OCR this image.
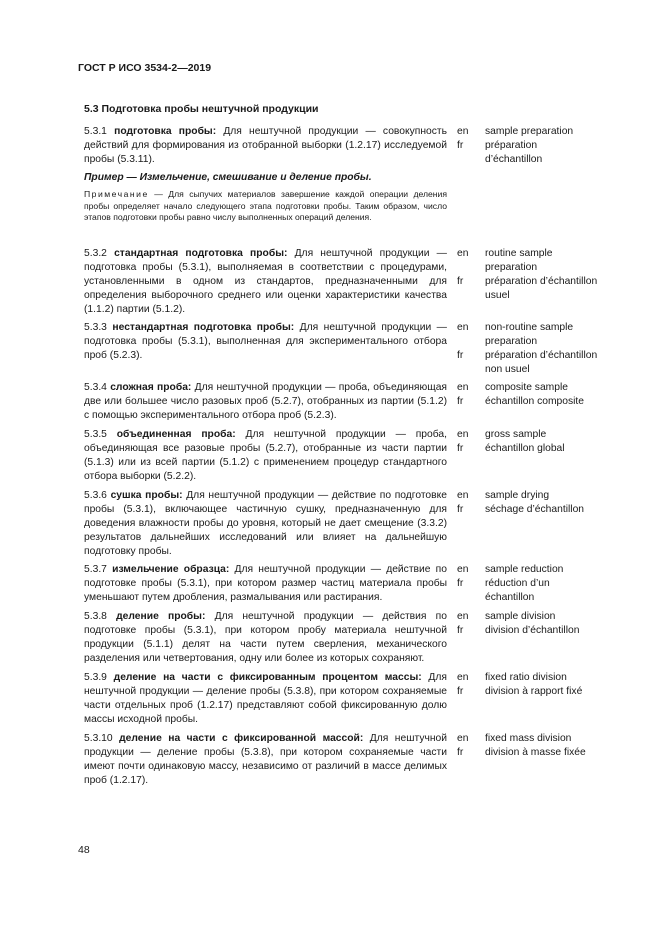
ГОСТ Р ИСО 3534-2—2019
5.3 Подготовка пробы нештучной продукции
5.3.1 подготовка пробы: Для нештучной продукции — совокупность действий для формирования из отобранной выборки (1.2.17) исследуемой пробы (5.3.11).
en
fr
sample preparation
préparation d’échantillon
Пример — Измельчение, смешивание и деление пробы.
Примечание — Для сыпучих материалов завершение каждой операции деления пробы определяет начало следующего этапа подготовки пробы. Таким образом, число этапов подготовки пробы равно числу выполненных операций деления.
5.3.2 стандартная подготовка пробы: Для нештучной продукции — подготовка пробы (5.3.1), выполняемая в соответствии с процедурами, установленными в одном из стандартов, предназначенными для определения выборочного среднего или оценки характеристики качества (1.1.2) партии (5.1.2).
en
fr
routine sample preparation
préparation d’échantillon usuel
5.3.3 нестандартная подготовка пробы: Для нештучной продукции — подготовка пробы (5.3.1), выполненная для экспериментального отбора проб (5.2.3).
en
fr
non-routine sample preparation
préparation d’échantillon non usuel
5.3.4 сложная проба: Для нештучной продукции — проба, объединяющая две или большее число разовых проб (5.2.7), отобранных из партии (5.1.2) с помощью экспериментального отбора проб (5.2.3).
en
fr
composite sample
échantillon composite
5.3.5 объединенная проба: Для нештучной продукции — проба, объединяющая все разовые пробы (5.2.7), отобранные из части партии (5.1.3) или из всей партии (5.1.2) с применением процедур стандартного отбора выборки (5.2.2).
en
fr
gross sample
échantillon global
5.3.6 сушка пробы: Для нештучной продукции — действие по подготовке пробы (5.3.1), включающее частичную сушку, предназначенную для доведения влажности пробы до уровня, который не дает смещение (3.3.2) результатов дальнейших исследований или влияет на дальнейшую подготовку пробы.
en
fr
sample drying
séchage d’échantillon
5.3.7 измельчение образца: Для нештучной продукции — действие по подготовке пробы (5.3.1), при котором размер частиц материала пробы уменьшают путем дробления, размалывания или растирания.
en
fr
sample reduction
réduction d’un échantillon
5.3.8 деление пробы: Для нештучной продукции — действия по подготовке пробы (5.3.1), при котором пробу материала нештучной продукции (5.1.1) делят на части путем сверления, механического разделения или четвертования, одну или более из которых сохраняют.
en
fr
sample division
division d’échantillon
5.3.9 деление на части с фиксированным процентом массы: Для нештучной продукции — деление пробы (5.3.8), при котором сохраняемые части отдельных проб (1.2.17) представляют собой фиксированную долю массы исходной пробы.
en
fr
fixed ratio division
division à rapport fixé
5.3.10 деление на части с фиксированной массой: Для нештучной продукции — деление пробы (5.3.8), при котором сохраняемые части имеют почти одинаковую массу, независимо от различий в массе делимых проб (1.2.17).
en
fr
fixed mass division
division à masse fixée
48
